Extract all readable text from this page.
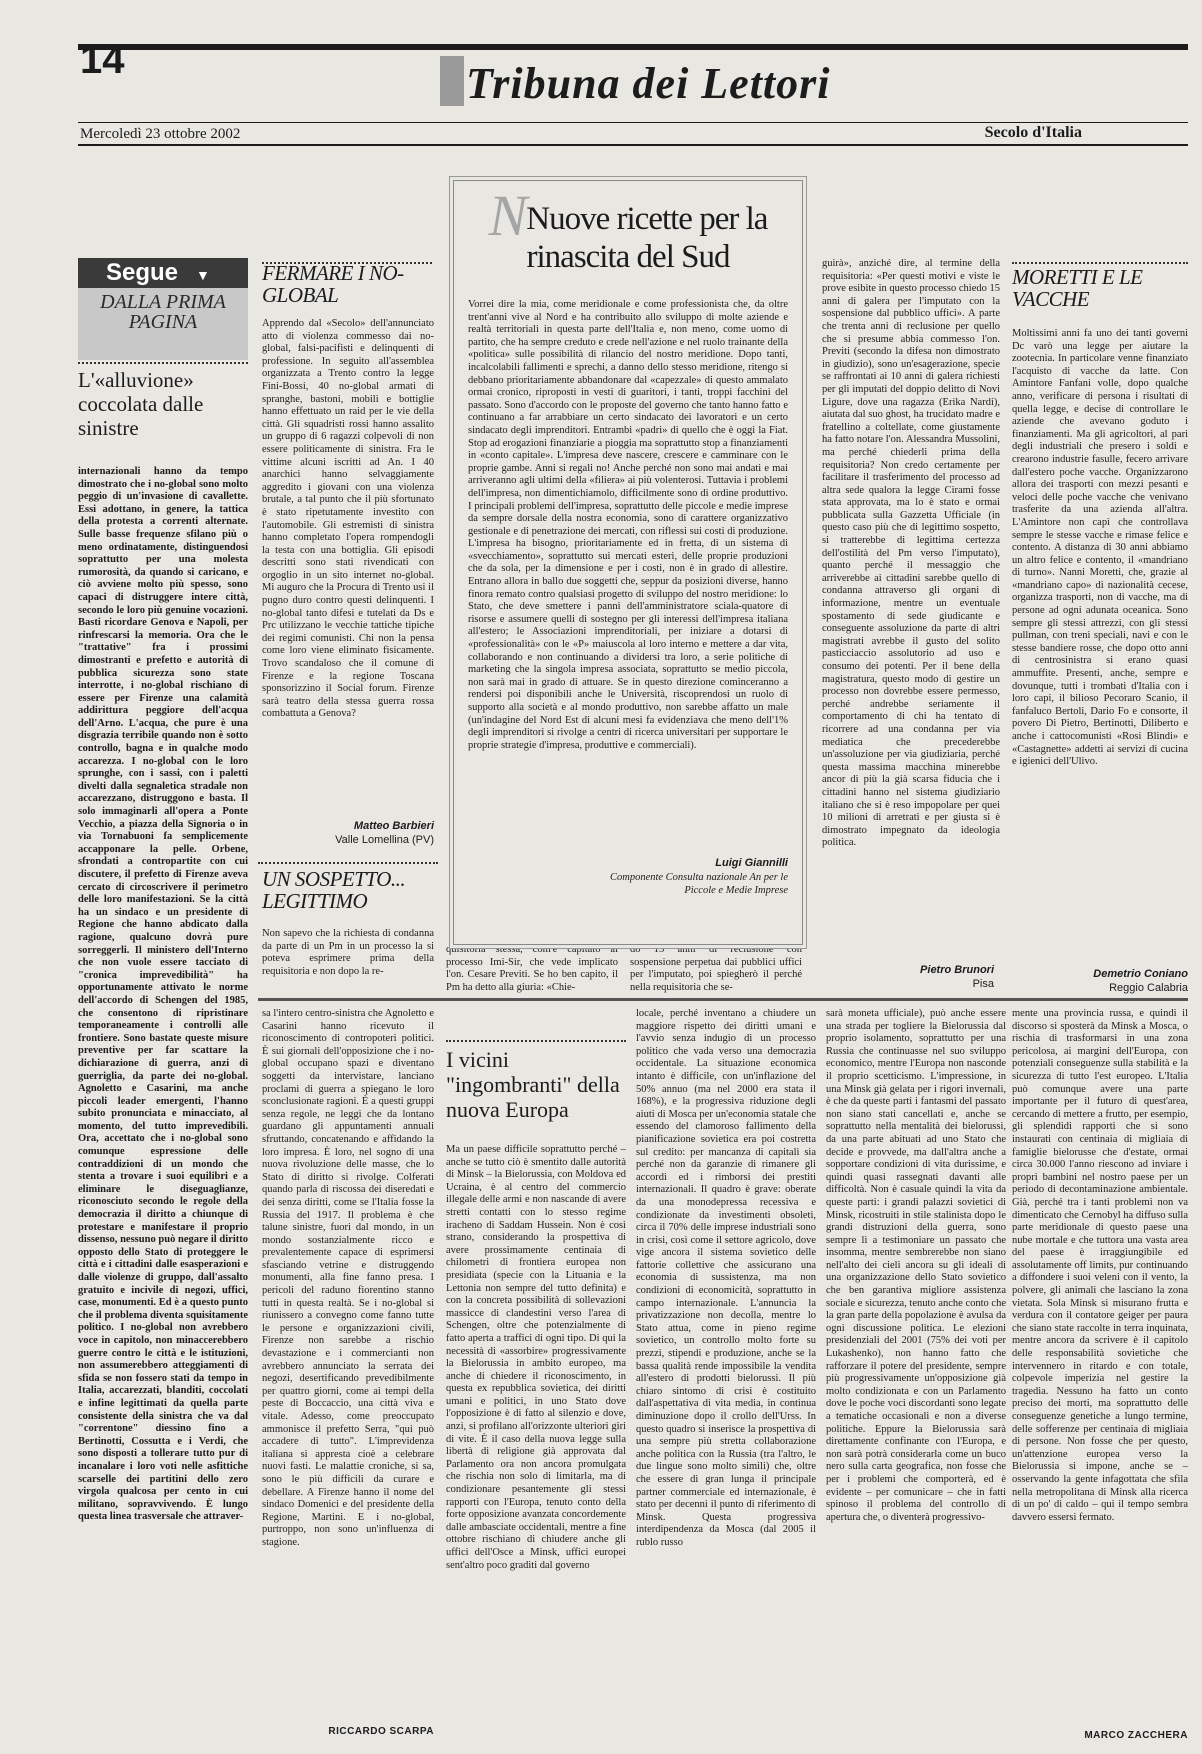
14	Tribuna dei Lettori
Mercoledì 23 ottobre 2002	Secolo d'Italia
Segue ▼
DALLA PRIMA PAGINA
L'«alluvione» coccolata dalle sinistre
internazionali hanno da tempo dimostrato che i no-global sono molto peggio di un'invasione di cavallette. Essi adottano, in genere, la tattica della protesta a correnti alternate. Sulle basse frequenze sfilano più o meno ordinatamente, distinguendosi soprattutto per una molesta rumorosità, da quando si caricano, e ciò avviene molto più spesso, sono capaci di distruggere intere città, secondo le loro più genuine vocazioni. Basti ricordare Genova e Napoli, per rinfrescarsi la memoria. Ora che le "trattative" fra i prossimi dimostranti e prefetto e autorità di pubblica sicurezza sono state interrotte, i no-global rischiano di essere per Firenze una calamità addirittura peggiore dell'acqua dell'Arno. L'acqua, che pure è una disgrazia terribile quando non è sotto controllo, bagna e in qualche modo accarezza. I no-global con le loro sprunghe, con i sassi, con i paletti divelti dalla segnaletica stradale non accarezzano, distruggono e basta. Il solo immaginarli all'opera a Ponte Vecchio, a piazza della Signoria o in via Tornabuoni fa semplicemente accapponare la pelle. Orbene, sfrondati a contropartite con cui discutere, il prefetto di Firenze aveva cercato di circoscrivere il perimetro delle loro manifestazioni. Se la città ha un sindaco e un presidente di Regione che hanno abdicato dalla ragione, qualcuno dovrà pure sorreggerli. Il ministero dell'Interno che non vuole essere tacciato di "cronica imprevedibilità" ha opportunamente attivato le norme dell'accordo di Schengen del 1985, che consentono di ripristinare temporaneamente i controlli alle frontiere. Sono bastate queste misure preventive per far scattare la dichiarazione di guerra, anzi di guerriglia, da parte dei no-global. Agnoletto e Casarini, ma anche piccoli leader emergenti, l'hanno subito pronunciata e minacciato, al momento, del tutto imprevedibili. Ora, accettato che i no-global sono comunque espressione delle contraddizioni di un mondo che stenta a trovare i suoi equilibri e a eliminare le diseguaglianze, riconosciuto secondo le regole della democrazia il diritto a chiunque di protestare e manifestare il proprio dissenso, nessuno può negare il diritto opposto dello Stato di proteggere le città e i cittadini dalle esasperazioni e dalle violenze di gruppo, dall'assalto gratuito e incivile di negozi, uffici, case, monumenti. Ed è a questo punto che il problema diventa squisitamente politico. I no-global non avrebbero voce in capitolo, non minaccerebbero guerre contro le città e le istituzioni, non assumerebbero atteggiamenti di sfida se non fossero stati da tempo in Italia, accarezzati, blanditi, coccolati e infine legittimati da quella parte consistente della sinistra che va dal "correntone" diessino fino a Bertinotti, Cossutta e i Verdi, che sono disposti a tollerare tutto pur di incanalare i loro voti nelle asfittiche scarselle dei partitini dello zero virgola qualcosa per cento in cui militano, sopravvivendo. È lungo questa linea trasversale che attraver-
FERMARE I NO-GLOBAL
Apprendo dal «Secolo» dell'annunciato atto di violenza commesso dai no-global, falsi-pacifisti e delinquenti di professione. In seguito all'assemblea organizzata a Trento contro la legge Fini-Bossi, 40 no-global armati di spranghe, bastoni, mobili e bottiglie hanno effettuato un raid per le vie della città. Gli squadristi rossi hanno assalito un gruppo di 6 ragazzi colpevoli di non essere politicamente di sinistra. Fra le vittime alcuni iscritti ad An. I 40 anarchici hanno selvaggiamente aggredito i giovani con una violenza brutale, a tal punto che il più sfortunato è stato ripetutamente investito con l'automobile. Gli estremisti di sinistra hanno completato l'opera rompendogli la testa con una bottiglia. Gli episodi descritti sono stati rivendicati con orgoglio in un sito internet no-global. Mi auguro che la Procura di Trento usi il pugno duro contro questi delinquenti. I no-global tanto difesi e tutelati da Ds e Prc utilizzano le vecchie tattiche tipiche dei regimi comunisti. Chi non la pensa come loro viene eliminato fisicamente. Trovo scandaloso che il comune di Firenze e la regione Toscana sponsorizzino il Social forum. Firenze sarà teatro della stessa guerra rossa combattuta a Genova?
Matteo Barbieri
Valle Lomellina (PV)
UN SOSPETTO... LEGITTIMO
Non sapevo che la richiesta di condanna da parte di un Pm in un processo la si poteva esprimere prima della requisitoria e non dopo la re-
quisitoria stessa, com'è capitato al processo Imi-Sir, che vede implicato l'on. Cesare Previti. Se ho ben capito, il Pm ha detto alla giuria: «Chie-
do 15 anni di reclusione con sospensione perpetua dai pubblici uffici per l'imputato, poi spiegherò il perché nella requisitoria che se-
guirà», anziché dire, al termine della requisitoria: «Per questi motivi e viste le prove esibite in questo processo chiedo 15 anni di galera per l'imputato con la sospensione dal pubblico uffici». A parte che trenta anni di reclusione per quello che si presume abbia commesso l'on. Previti (secondo la difesa non dimostrato in giudizio), sono un'esagerazione, specie se raffrontati ai 10 anni di galera richiesti per gli imputati del doppio delitto di Novi Ligure, dove una ragazza (Erika Nardi), aiutata dal suo ghost, ha trucidato madre e fratellino a coltellate, come giustamente ha fatto notare l'on. Alessandra Mussolini, ma perché chiederli prima della requisitoria? Non credo certamente per facilitare il trasferimento del processo ad altra sede qualora la legge Cirami fosse stata approvata, ma lo è stato e ormai pubblicata sulla Gazzetta Ufficiale (in questo caso più che di legittimo sospetto, si tratterebbe di legittima certezza dell'ostilità del Pm verso l'imputato), quanto perché il messaggio che arriverebbe ai cittadini sarebbe quello di condanna attraverso gli organi di informazione, mentre un eventuale spostamento di sede giudicante e conseguente assoluzione da parte di altri magistrati avrebbe il gusto del solito pasticciaccio assolutorio ad uso e consumo dei potenti. Per il bene della magistratura, questo modo di gestire un processo non dovrebbe essere permesso, perché andrebbe seriamente il comportamento di chi ha tentato di ricorrere ad una condanna per via mediatica che precederebbe un'assoluzione per via giudiziaria, perché questa massima macchina minerebbe ancor di più la già scarsa fiducia che i cittadini hanno nel sistema giudiziario italiano che si è reso impopolare per quei 10 milioni di arretrati e per giusta si è dimostrato impegnato da ideologia politica.
Pietro Brunori
Pisa
NNuove ricette per la rinascita del Sud
Vorrei dire la mia, come meridionale e come professionista che, da oltre trent'anni vive al Nord e ha contribuito allo sviluppo di molte aziende e realtà territoriali in questa parte dell'Italia e, non meno, come uomo di partito, che ha sempre creduto e crede nell'azione e nel ruolo trainante della «politica» sulle possibilità di rilancio del nostro meridione. Dopo tanti, incalcolabili fallimenti e sprechi, a danno dello stesso meridione, ritengo si debbano prioritariamente abbandonare dal «capezzale» di questo ammalato ormai cronico, riproposti in vesti di guaritori, i tanti, troppi facchini del passato. Sono d'accordo con le proposte del governo che tanto hanno fatto e continuano a far arrabbiare un certo sindacato dei lavoratori e un certo sindacato degli imprenditori. Entrambi «padri» di quello che è oggi la Fiat. Stop ad erogazioni finanziarie a pioggia ma soprattutto stop a finanziamenti in «conto capitale». L'impresa deve nascere, crescere e camminare con le proprie gambe. Anni si regali no! Anche perché non sono mai andati e mai arriveranno agli ultimi della «filiera» ai più volenterosi. Tuttavia i problemi dell'impresa, non dimentichiamolo, difficilmente sono di ordine produttivo. I principali problemi dell'impresa, soprattutto delle piccole e medie imprese da sempre dorsale della nostra economia, sono di carattere organizzativo gestionale e di penetrazione dei mercati, con riflessi sui costi di produzione. L'impresa ha bisogno, prioritariamente ed in fretta, di un sistema di «svecchiamento», soprattutto sui mercati esteri, delle proprie produzioni che da sola, per la dimensione e per i costi, non è in grado di allestire. Entrano allora in ballo due soggetti che, seppur da posizioni diverse, hanno finora remato contro qualsiasi progetto di sviluppo del nostro meridione: lo Stato, che deve smettere i panni dell'amministratore sciala-quatore di risorse e assumere quelli di sostegno per gli interessi dell'impresa italiana all'estero; le Associazioni imprenditoriali, per iniziare a dotarsi di «professionalità» con le «P» maiuscola al loro interno e mettere a dar vita, collaborando e non continuando a dividersi tra loro, a serie politiche di marketing che la singola impresa associata, soprattutto se medio piccola, non sarà mai in grado di attuare. Se in questo direzione cominceranno a rendersi poi disponibili anche le Università, riscoprendosi un ruolo di supporto alla società e al mondo produttivo, non sarebbe affatto un male (un'indagine del Nord Est di alcuni mesi fa evidenziava che meno dell'1% degli imprenditori si rivolge a centri di ricerca universitari per supportare le proprie strategie d'impresa, produttive e commerciali).
Luigi Giannilli
Componente Consulta nazionale An per le Piccole e Medie Imprese
MORETTI E LE VACCHE
Moltissimi anni fa uno dei tanti governi Dc varò una legge per aiutare la zootecnia. In particolare venne finanziato l'acquisto di vacche da latte. Con Amintore Fanfani volle, dopo qualche anno, verificare di persona i risultati di quella legge, e decise di controllare le aziende che avevano goduto i finanziamenti. Ma gli agricoltori, al pari degli industriali che presero i soldi e crearono industrie fasulle, fecero arrivare dall'estero poche vacche. Organizzarono allora dei trasporti con mezzi pesanti e veloci delle poche vacche che venivano trasferite da una azienda all'altra. L'Amintore non capì che controllava sempre le stesse vacche e rimase felice e contento. A distanza di 30 anni abbiamo un altro felice e contento, il «mandriano di turno». Nanni Moretti, che, grazie al «mandriano capo» di nazionalità cecese, organizza trasporti, non di vacche, ma di persone ad ogni adunata oceanica. Sono sempre gli stessi attrezzi, con gli stessi pullman, con treni speciali, navi e con le stesse bandiere rosse, che dopo otto anni di centrosinistra si erano quasi ammuffite. Presenti, anche, sempre e dovunque, tutti i trombati d'Italia con i loro capi, il bilioso Pecoraro Scanio, il fanfaluco Bertoli, Dario Fo e consorte, il povero Di Pietro, Bertinotti, Diliberto e anche i cattocomunisti «Rosi Blindi» e «Castagnette» addetti ai servizi di cucina e igienici dell'Ulivo.
Demetrio Coniano
Reggio Calabria
sa l'intero centro-sinistra che Agnoletto e Casarini hanno ricevuto il riconoscimento di contropoteri politici. È sui giornali dell'opposizione che i no-global occupano spazi e diventano soggetti da intervistare, lanciano proclami di guerra a spiegano le loro sconclusionate ragioni. È a questi gruppi senza regole, ne leggi che da lontano guardano gli appuntamenti annuali sfruttando, concatenando e affidando la loro impresa. È loro, nel sogno di una nuova rivoluzione delle masse, che lo Stato di diritto si rivolge. Colferati quando parla di riscossa dei diseredati e dei senza diritti, come se l'Italia fosse la Russia del 1917. Il problema è che talune sinistre, fuori dal mondo, in un mondo sostanzialmente ricco e prevalentemente capace di esprimersi sfasciando vetrine e distruggendo monumenti, alla fine fanno presa. I pericoli del raduno fiorentino stanno tutti in questa realtà. Se i no-global si riunissero a convegno come fanno tutte le persone e organizzazioni civili, Firenze non sarebbe a rischio devastazione e i commercianti non avrebbero annunciato la serrata dei negozi, desertificando prevedibilmente per quattro giorni, come ai tempi della peste di Boccaccio, una città viva e vitale. Adesso, come preoccupato ammonisce il prefetto Serra, "qui può accadere di tutto". L'imprevidenza italiana si appresta cioè a celebrare nuovi fasti. Le malattie croniche, si sa, sono le più difficili da curare e debellare. A Firenze hanno il nome del sindaco Domenici e del presidente della Regione, Martini. E i no-global, purtroppo, non sono un'influenza di stagione.
RICCARDO SCARPA
I vicini "ingombranti" della nuova Europa
Ma un paese difficile soprattutto perché – anche se tutto ciò è smentito dalle autorità di Minsk – la Bielorussia, con Moldova ed Ucraina, è al centro del commercio illegale delle armi e non nascande di avere stretti contatti con lo stesso regime iracheno di Saddam Hussein. Non è così strano, considerando la prospettiva di avere prossimamente centinaia di chilometri di frontiera europea non presidiata (specie con la Lituania e la Lettonia non sempre del tutto definita) e con la concreta possibilità di sollevazioni massicce di clandestini verso l'area di Schengen, oltre che potenzialmente di fatto aperta a traffici di ogni tipo. Di qui la necessità di «assorbire» progressivamente la Bielorussia in ambito europeo, ma anche di chiedere il riconoscimento, in questa ex repubblica sovietica, dei diritti umani e politici, in uno Stato dove l'opposizione è di fatto al silenzio e dove, anzi, si profilano all'orizzonte ulteriori giri di vite. È il caso della nuova legge sulla libertà di religione già approvata dal Parlamento ora non ancora promulgata che rischia non solo di limitarla, ma di condizionare pesantemente gli stessi rapporti con l'Europa, tenuto conto della forte opposizione avanzata concordemente dalle ambasciate occidentali, mentre a fine ottobre rischiano di chiudere anche gli uffici dell'Osce a Minsk, uffici europei sent'altro poco graditi dal governo
locale, perché inventano a chiudere un maggiore rispetto dei diritti umani e l'avvio senza indugio di un processo politico che vada verso una democrazia occidentale. La situazione economica intanto è difficile, con un'inflazione del 50% annuo (ma nel 2000 era stata il 168%), e la progressiva riduzione degli aiuti di Mosca per un'economia statale che essendo del clamoroso fallimento della pianificazione sovietica era poi costretta sul credito: per mancanza di capitali sia perché non da garanzie di rimanere gli accordi ed i rimborsi dei prestiti internazionali. Il quadro è grave: oberate da una monodepressa recessiva e condizionate da investimenti obsoleti, circa il 70% delle imprese industriali sono in crisi, così come il settore agricolo, dove vige ancora il sistema sovietico delle fattorie collettive che assicurano una economia di sussistenza, ma non condizioni di economicità, soprattutto in campo internazionale. L'annuncia la privatizzazione non decolla, mentre lo Stato attua, come in pieno regime sovietico, un controllo molto forte su prezzi, stipendi e produzione, anche se la bassa qualità rende impossibile la vendita all'estero di prodotti bielorussi. Il più chiaro sintomo di crisi è costituito dall'aspettativa di vita media, in continua diminuzione dopo il crollo dell'Urss. In questo quadro si inserisce la prospettiva di una sempre più stretta collaborazione anche politica con la Russia (tra l'altro, le due lingue sono molto simili) che, oltre che essere di gran lunga il principale partner commerciale ed internazionale, è stato per decenni il punto di riferimento di Minsk. Questa progressiva interdipendenza da Mosca (dal 2005 il rublo russo
sarà moneta ufficiale), può anche essere una strada per togliere la Bielorussia dal proprio isolamento, soprattutto per una Russia che continuasse nel suo sviluppo economico, mentre l'Europa non nasconde il proprio scetticismo. L'impressione, in una Minsk già gelata per i rigori invernali, è che da queste parti i fantasmi del passato non siano stati cancellati e, anche se soprattutto nella mentalità dei bielorussi, da una parte abituati ad uno Stato che decide e provvede, ma dall'altra anche a sopportare condizioni di vita durissime, e quindi quasi rassegnati davanti alle difficoltà. Non è casuale quindi la vita da queste parti: i grandi palazzi sovietici di Minsk, ricostruiti in stile stalinista dopo le grandi distruzioni della guerra, sono sempre lì a testimoniare un passato che insomma, mentre sembrerebbe non siano nell'alto dei cieli ancora su gli ideali di una organizzazione dello Stato sovietico che ben garantiva migliore assistenza sociale e sicurezza, tenuto anche conto che la gran parte della popolazione è avulsa da ogni discussione politica. Le elezioni presidenziali del 2001 (75% dei voti per Lukashenko), non hanno fatto che rafforzare il potere del presidente, sempre più progressivamente un'opposizione già molto condizionata e con un Parlamento dove le poche voci discordanti sono legate a tematiche occasionali e non a diverse politiche. Eppure la Bielorussia sarà direttamente confinante con l'Europa, e non sarà potrà considerarla come un buco nero sulla carta geografica, non fosse che per i problemi che comporterà, ed è evidente – per comunicare – che in fatti spinoso il problema del controllo di apertura che, o diventerà progressivo-
mente una provincia russa, e quindi il discorso si sposterà da Minsk a Mosca, o rischia di trasformarsi in una zona pericolosa, ai margini dell'Europa, con potenziali conseguenze sulla stabilità e la sicurezza di tutto l'est europeo. L'Italia può comunque avere una parte importante per il futuro di quest'area, cercando di mettere a frutto, per esempio, gli splendidi rapporti che si sono instaurati con centinaia di migliaia di famiglie bielorusse che d'estate, ormai circa 30.000 l'anno riescono ad inviare i propri bambini nel nostro paese per un periodo di decontaminazione ambientale. Già, perché tra i tanti problemi non va dimenticato che Cernobyl ha diffuso sulla parte meridionale di questo paese una nube mortale e che tuttora una vasta area del paese è irraggiungibile ed assolutamente off limits, pur continuando a diffondere i suoi veleni con il vento, la polvere, gli animali che lasciano la zona vietata. Sola Minsk si misurano frutta e verdura con il contatore geiger per paura che siano state raccolte in terra inquinata, mentre ancora da scrivere è il capitolo delle responsabilità sovietiche che intervennero in ritardo e con totale, colpevole imperizia nel gestire la tragedia. Nessuno ha fatto un conto preciso dei morti, ma soprattutto delle conseguenze genetiche a lungo termine, delle sofferenze per centinaia di migliaia di persone. Non fosse che per questo, un'attenzione europea verso la Bielorussia si impone, anche se – osservando la gente infagottata che sfila nella metropolitana di Minsk alla ricerca di un po' di caldo – qui il tempo sembra davvero essersi fermato.
MARCO ZACCHERA
